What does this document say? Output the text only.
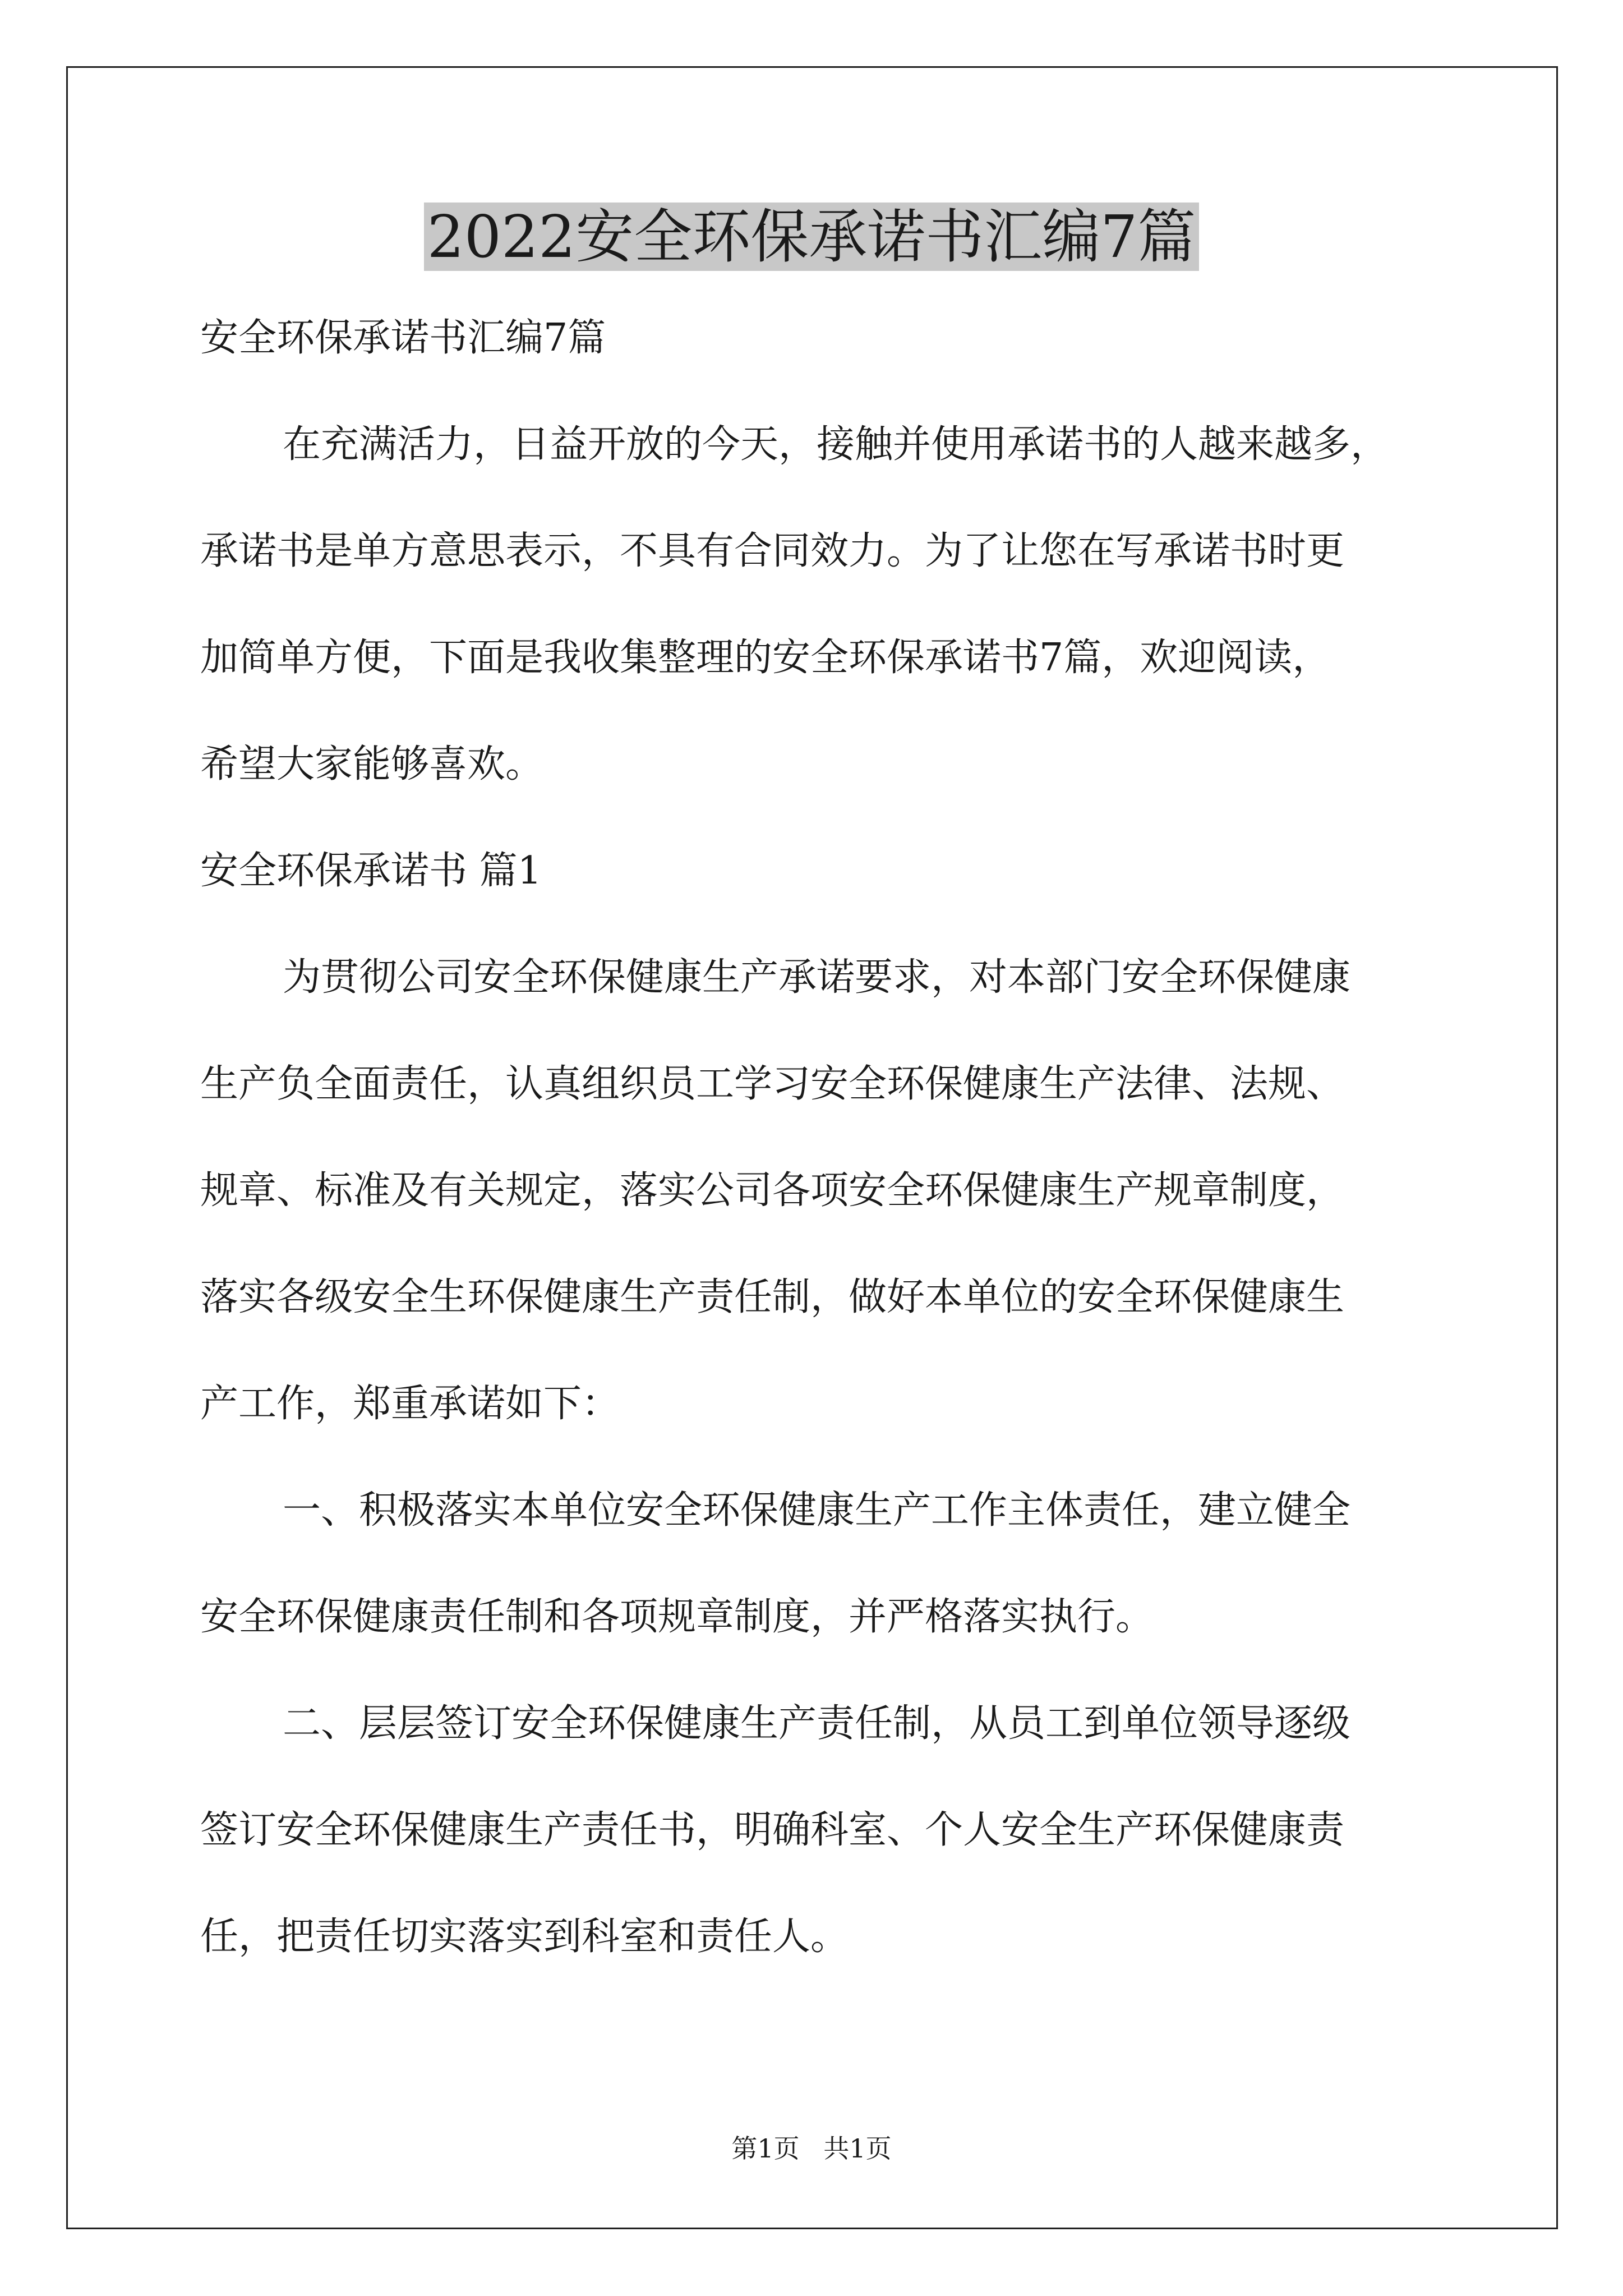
2022安全环保承诺书汇编7篇

安全环保承诺书汇编7篇

在充满活力，日益开放的今天，接触并使用承诺书的人越来越多，

承诺书是单方意思表示，不具有合同效力。为了让您在写承诺书时更

加简单方便，下面是我收集整理的安全环保承诺书7篇，欢迎阅读，

希望大家能够喜欢。

安全环保承诺书 篇1

为贯彻公司安全环保健康生产承诺要求，对本部门安全环保健康

生产负全面责任，认真组织员工学习安全环保健康生产法律、法规、

规章、标准及有关规定，落实公司各项安全环保健康生产规章制度，

落实各级安全生环保健康生产责任制，做好本单位的安全环保健康生

产工作，郑重承诺如下：

一、积极落实本单位安全环保健康生产工作主体责任，建立健全

安全环保健康责任制和各项规章制度，并严格落实执行。

二、层层签订安全环保健康生产责任制，从员工到单位领导逐级

签订安全环保健康生产责任书，明确科室、个人安全生产环保健康责

任，把责任切实落实到科室和责任人。

第1页 共1页
